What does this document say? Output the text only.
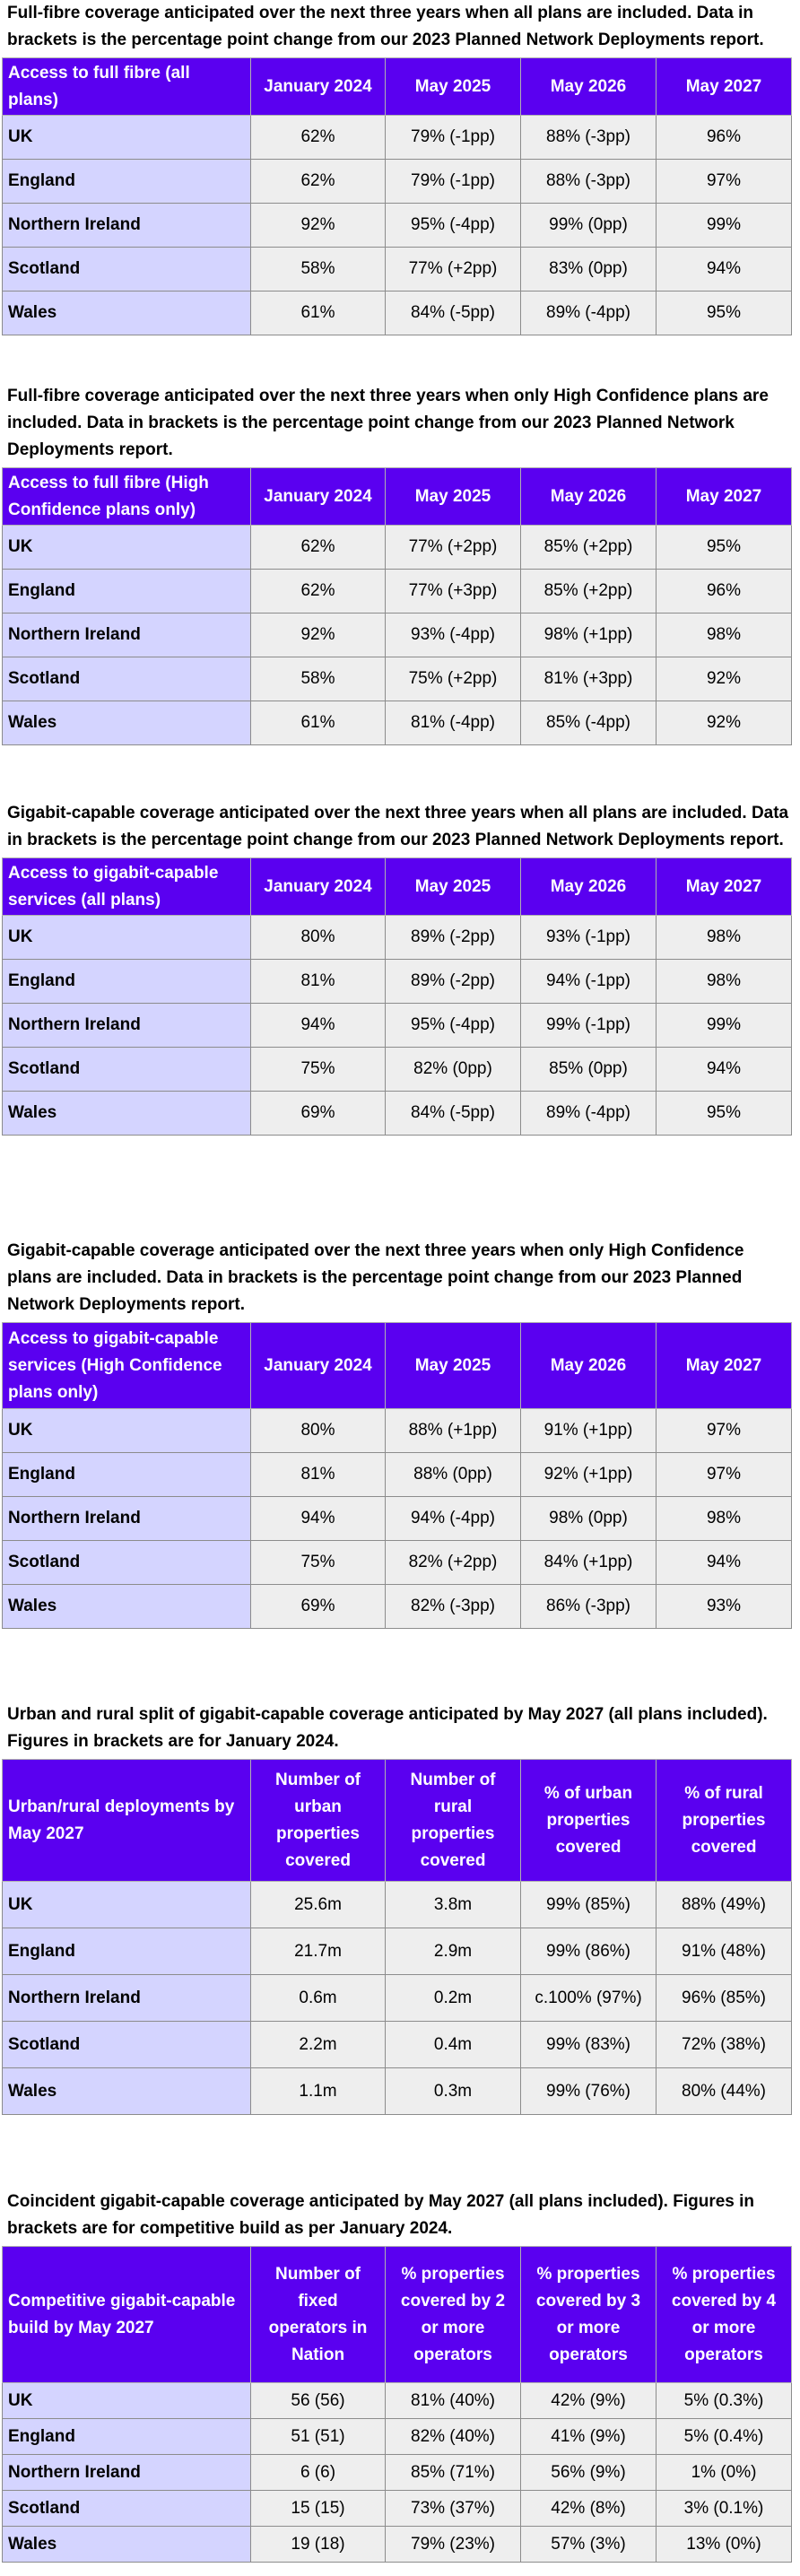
Full-fibre coverage anticipated over the next three years when all plans are included. Data in brackets is the percentage point change from our 2023 Planned Network Deployments report.

Access to full fibre (all plans)	January 2024	May 2025	May 2026	May 2027
UK	62%	79% (-1pp)	88% (-3pp)	96%
England	62%	79% (-1pp)	88% (-3pp)	97%
Northern Ireland	92%	95% (-4pp)	99% (0pp)	99%
Scotland	58%	77% (+2pp)	83% (0pp)	94%
Wales	61%	84% (-5pp)	89% (-4pp)	95%

Full-fibre coverage anticipated over the next three years when only High Confidence plans are included. Data in brackets is the percentage point change from our 2023 Planned Network Deployments report.

Access to full fibre (High Confidence plans only)	January 2024	May 2025	May 2026	May 2027
UK	62%	77% (+2pp)	85% (+2pp)	95%
England	62%	77% (+3pp)	85% (+2pp)	96%
Northern Ireland	92%	93% (-4pp)	98% (+1pp)	98%
Scotland	58%	75% (+2pp)	81% (+3pp)	92%
Wales	61%	81% (-4pp)	85% (-4pp)	92%

Gigabit-capable coverage anticipated over the next three years when all plans are included. Data in brackets is the percentage point change from our 2023 Planned Network Deployments report.

Access to gigabit-capable services (all plans)	January 2024	May 2025	May 2026	May 2027
UK	80%	89% (-2pp)	93% (-1pp)	98%
England	81%	89% (-2pp)	94% (-1pp)	98%
Northern Ireland	94%	95% (-4pp)	99% (-1pp)	99%
Scotland	75%	82% (0pp)	85% (0pp)	94%
Wales	69%	84% (-5pp)	89% (-4pp)	95%

Gigabit-capable coverage anticipated over the next three years when only High Confidence plans are included. Data in brackets is the percentage point change from our 2023 Planned Network Deployments report.

Access to gigabit-capable services (High Confidence plans only)	January 2024	May 2025	May 2026	May 2027
UK	80%	88% (+1pp)	91% (+1pp)	97%
England	81%	88% (0pp)	92% (+1pp)	97%
Northern Ireland	94%	94% (-4pp)	98% (0pp)	98%
Scotland	75%	82% (+2pp)	84% (+1pp)	94%
Wales	69%	82% (-3pp)	86% (-3pp)	93%

Urban and rural split of gigabit-capable coverage anticipated by May 2027 (all plans included). Figures in brackets are for January 2024.

Urban/rural deployments by May 2027	Number of urban properties covered	Number of rural properties covered	% of urban properties covered	% of rural properties covered
UK	25.6m	3.8m	99% (85%)	88% (49%)
England	21.7m	2.9m	99% (86%)	91% (48%)
Northern Ireland	0.6m	0.2m	c.100% (97%)	96% (85%)
Scotland	2.2m	0.4m	99% (83%)	72% (38%)
Wales	1.1m	0.3m	99% (76%)	80% (44%)

Coincident gigabit-capable coverage anticipated by May 2027 (all plans included). Figures in brackets are for competitive build as per January 2024.

Competitive gigabit-capable build by May 2027	Number of fixed operators in Nation	% properties covered by 2 or more operators	% properties covered by 3 or more operators	% properties covered by 4 or more operators
UK	56 (56)	81% (40%)	42% (9%)	5% (0.3%)
England	51 (51)	82% (40%)	41% (9%)	5% (0.4%)
Northern Ireland	6 (6)	85% (71%)	56% (9%)	1% (0%)
Scotland	15 (15)	73% (37%)	42% (8%)	3% (0.1%)
Wales	19 (18)	79% (23%)	57% (3%)	13% (0%)
